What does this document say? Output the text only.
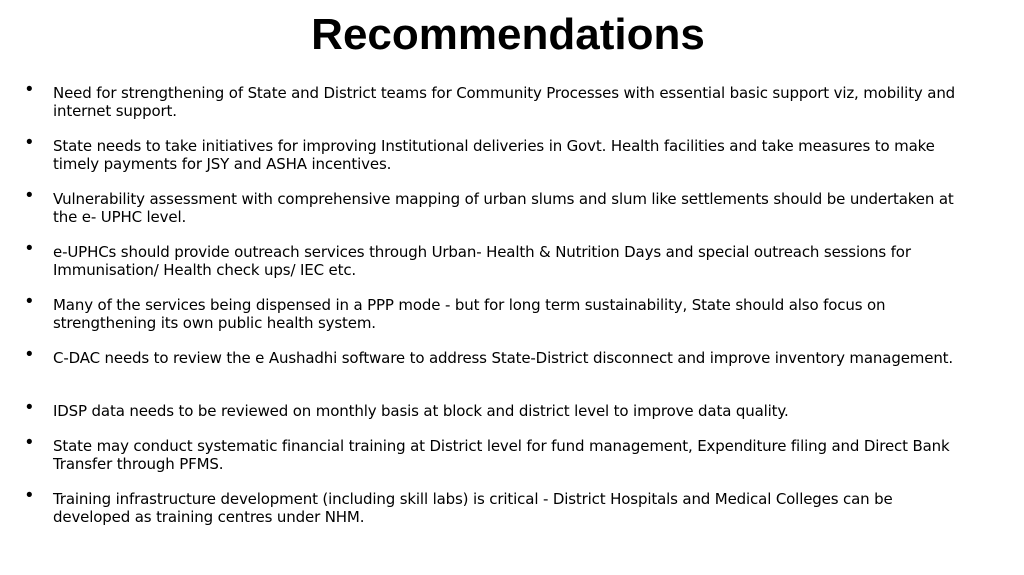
Recommendations
• Need for strengthening of State and District teams for Community Processes with essential basic support viz, mobility and internet support.
• State needs to take initiatives for improving Institutional deliveries in Govt. Health facilities and take measures to make timely payments for JSY and ASHA incentives.
• Vulnerability assessment with comprehensive mapping of urban slums and slum like settlements should be undertaken at the e- UPHC level.
• e-UPHCs should provide outreach services through Urban- Health & Nutrition Days and special outreach sessions for Immunisation/ Health check ups/ IEC etc.
• Many of the services being dispensed in a PPP mode - but for long term sustainability, State should also focus on strengthening its own public health system.
• C-DAC needs to review the e Aushadhi software to address State-District disconnect and improve inventory management.
• IDSP data needs to be reviewed on monthly basis at block and district level to improve data quality.
• State may conduct systematic financial training at District level for fund management, Expenditure filing and Direct Bank Transfer through PFMS.
• Training infrastructure development (including skill labs) is critical - District Hospitals and Medical Colleges can be developed as training centres under NHM.
